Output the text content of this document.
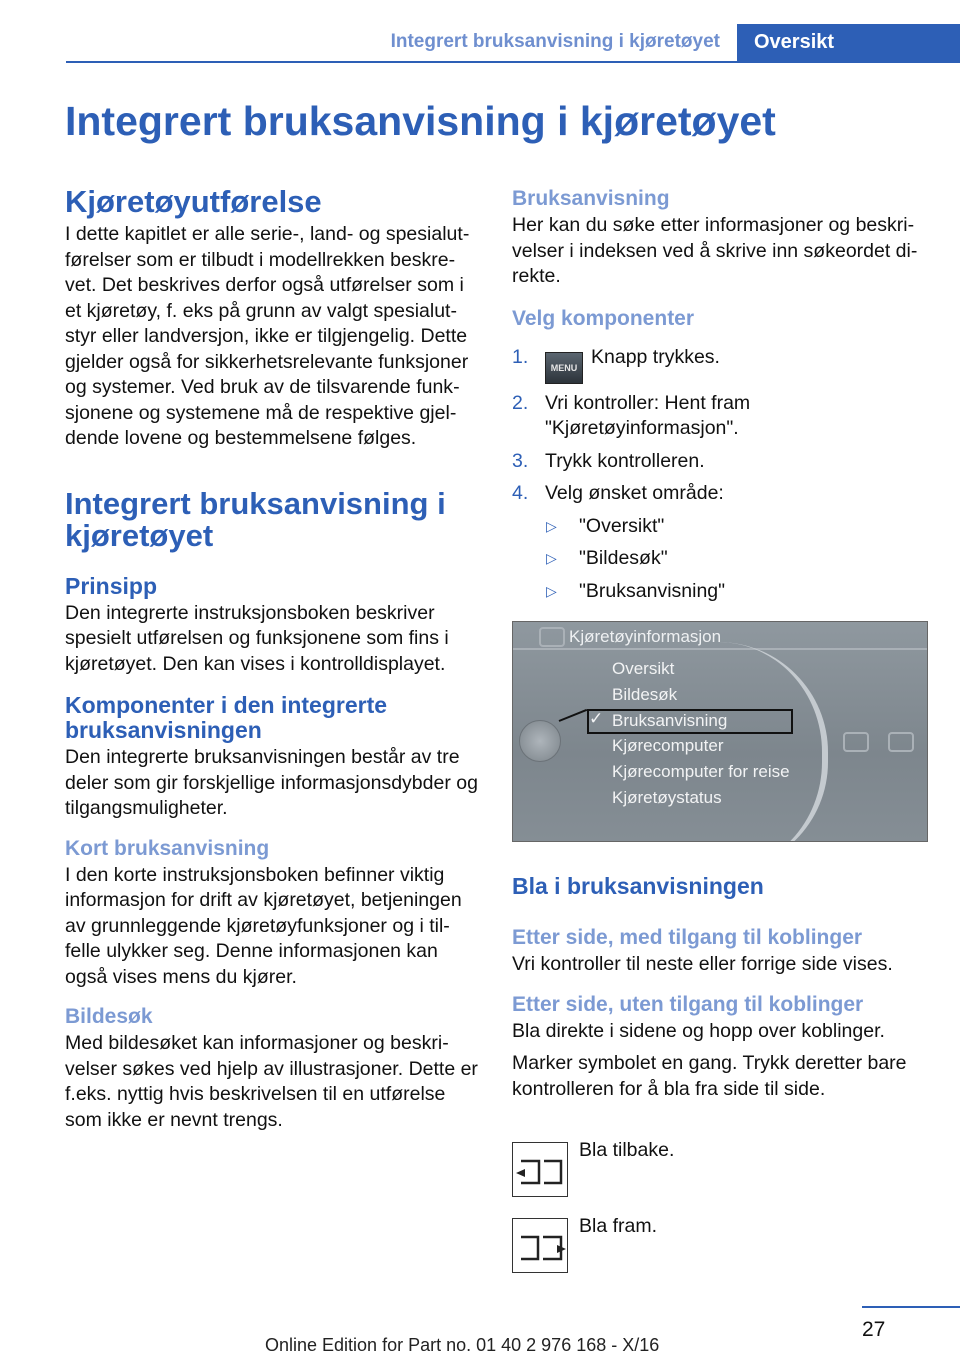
Integrert bruksanvisning i kjøretøyet	Oversikt
Integrert bruksanvisning i kjøretøyet
Kjøretøyutførelse

I dette kapitlet er alle serie-, land- og spesialutførelser som er tilbudt i modellrekken beskrevet. Det beskrives derfor også utførelser som i et kjøretøy, f. eks på grunn av valgt spesialutstyr eller landversjon, ikke er tilgjengelig. Dette gjelder også for sikkerhetsrelevante funksjoner og systemer. Ved bruk av de tilsvarende funksjonene og systemene må de respektive gjeldende lovene og bestemmelsene følges.

Integrert bruksanvisning i kjøretøyet
Prinsipp

Den integrerte instruksjonsboken beskriver spesielt utførelsen og funksjonene som fins i kjøretøyet. Den kan vises i kontrolldisplayet.

Komponenter i den integrerte bruksanvisningen

Den integrerte bruksanvisningen består av tre deler som gir forskjellige informasjonsdybder og tilgangsmuligheter.

Kort bruksanvisning

I den korte instruksjonsboken befinner viktig informasjon for drift av kjøretøyet, betjeningen av grunnleggende kjøretøyfunksjoner og i tilfelle ulykker seg. Denne informasjonen kan også vises mens du kjører.

Bildesøk

Med bildesøket kan informasjoner og beskrivelser søkes ved hjelp av illustrasjoner. Dette er f.eks. nyttig hvis beskrivelsen til en utførelse som ikke er nevnt trengs.

Bruksanvisning

Her kan du søke etter informasjoner og beskrivelser i indeksen ved å skrive inn søkeordet direkte.

Velg komponenter
1.	MENU Knapp trykkes.
2. Vri kontroller: Hent fram "Kjøretøyinformasjon".
3. Trykk kontrolleren.
4. Velg ønsket område:
▷	"Oversikt"
▷	"Bildesøk"
▷	"Bruksanvisning"
Kjøretøyinformasjon
✓
Oversikt
Bildesøk
Bruksanvisning
Kjørecomputer
Kjørecomputer for reise
Kjøretøystatus
Bla i bruksanvisningen
Etter side, med tilgang til koblinger

Vri kontroller til neste eller forrige side vises.

Etter side, uten tilgang til koblinger

Bla direkte i sidene og hopp over koblinger.

Marker symbolet en gang. Trykk deretter bare kontrolleren for å bla fra side til side.

Bla tilbake.
Bla fram.
27
Online Edition for Part no. 01 40 2 976 168 - X/16
